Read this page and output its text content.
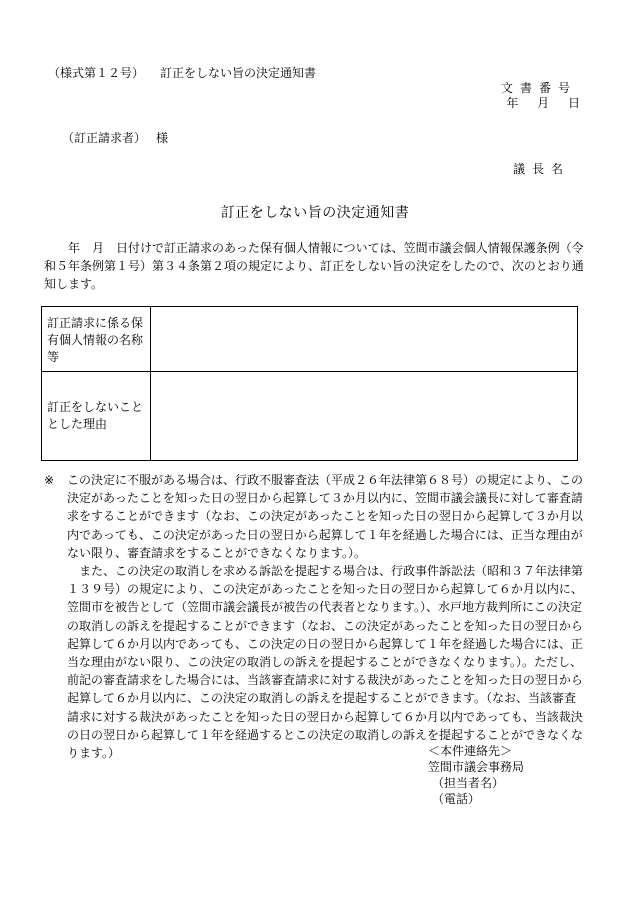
（様式第１２号） 訂正をしない旨の決定通知書
文書番号
年 月 日
（訂正請求者） 様
議長名
訂正をしない旨の決定通知書

　年　月　日付けで訂正請求のあった保有個人情報については、笠間市議会個人情報保護条例（令和５年条例第１号）第３４条第２項の規定により、訂正をしない旨の決定をしたので、次のとおり通知します。

訂正請求に係る保有個人情報の名称等	
訂正をしないこととした理由	

※ この決定に不服がある場合は、行政不服審査法（平成２６年法律第６８号）の規定により、この決定があったことを知った日の翌日から起算して３か月以内に、笠間市議会議長に対して審査請求をすることができます（なお、この決定があったことを知った日の翌日から起算して３か月以内であっても、この決定があった日の翌日から起算して１年を経過した場合には、正当な理由がない限り、審査請求をすることができなくなります。）。

また、この決定の取消しを求める訴訟を提起する場合は、行政事件訴訟法（昭和３７年法律第１３９号）の規定により、この決定があったことを知った日の翌日から起算して６か月以内に、笠間市を被告として（笠間市議会議長が被告の代表者となります。）、水戸地方裁判所にこの決定の取消しの訴えを提起することができます（なお、この決定があったことを知った日の翌日から起算して６か月以内であっても、この決定の日の翌日から起算して１年を経過した場合には、正当な理由がない限り、この決定の取消しの訴えを提起することができなくなります。）。ただし、前記の審査請求をした場合には、当該審査請求に対する裁決があったことを知った日の翌日から起算して６か月以内に、この決定の取消しの訴えを提起することができます。（なお、当該審査請求に対する裁決があったことを知った日の翌日から起算して６か月以内であっても、当該裁決の日の翌日から起算して１年を経過するとこの決定の取消しの訴えを提起することができなくなります。）	＜本件連絡先＞
笠間市議会事務局
（担当者名）
（電話）
